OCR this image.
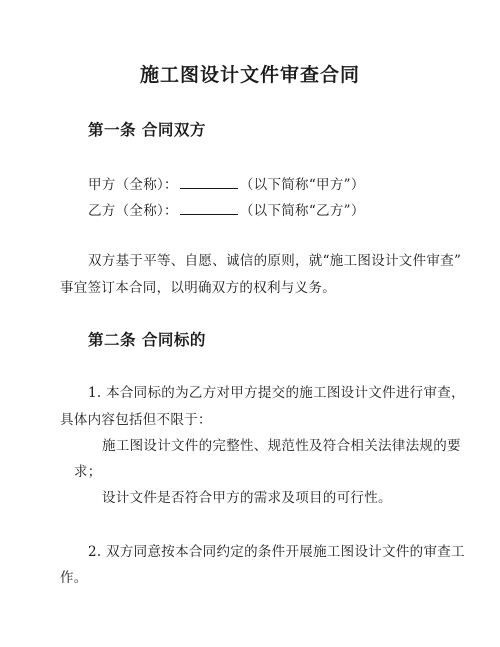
施工图设计文件审查合同
第一条 合同双方
甲方（全称）：	（以下简称“甲方”）
乙方（全称）：	（以下简称“乙方”）
双方基于平等、自愿、诚信的原则，就“施工图设计文件审查”
事宜签订本合同，以明确双方的权利与义务。
第二条 合同标的
1. 本合同标的为乙方对甲方提交的施工图设计文件进行审查，
具体内容包括但不限于：
施工图设计文件的完整性、规范性及符合相关法律法规的要
求；
设计文件是否符合甲方的需求及项目的可行性。
2. 双方同意按本合同约定的条件开展施工图设计文件的审查工
作。
